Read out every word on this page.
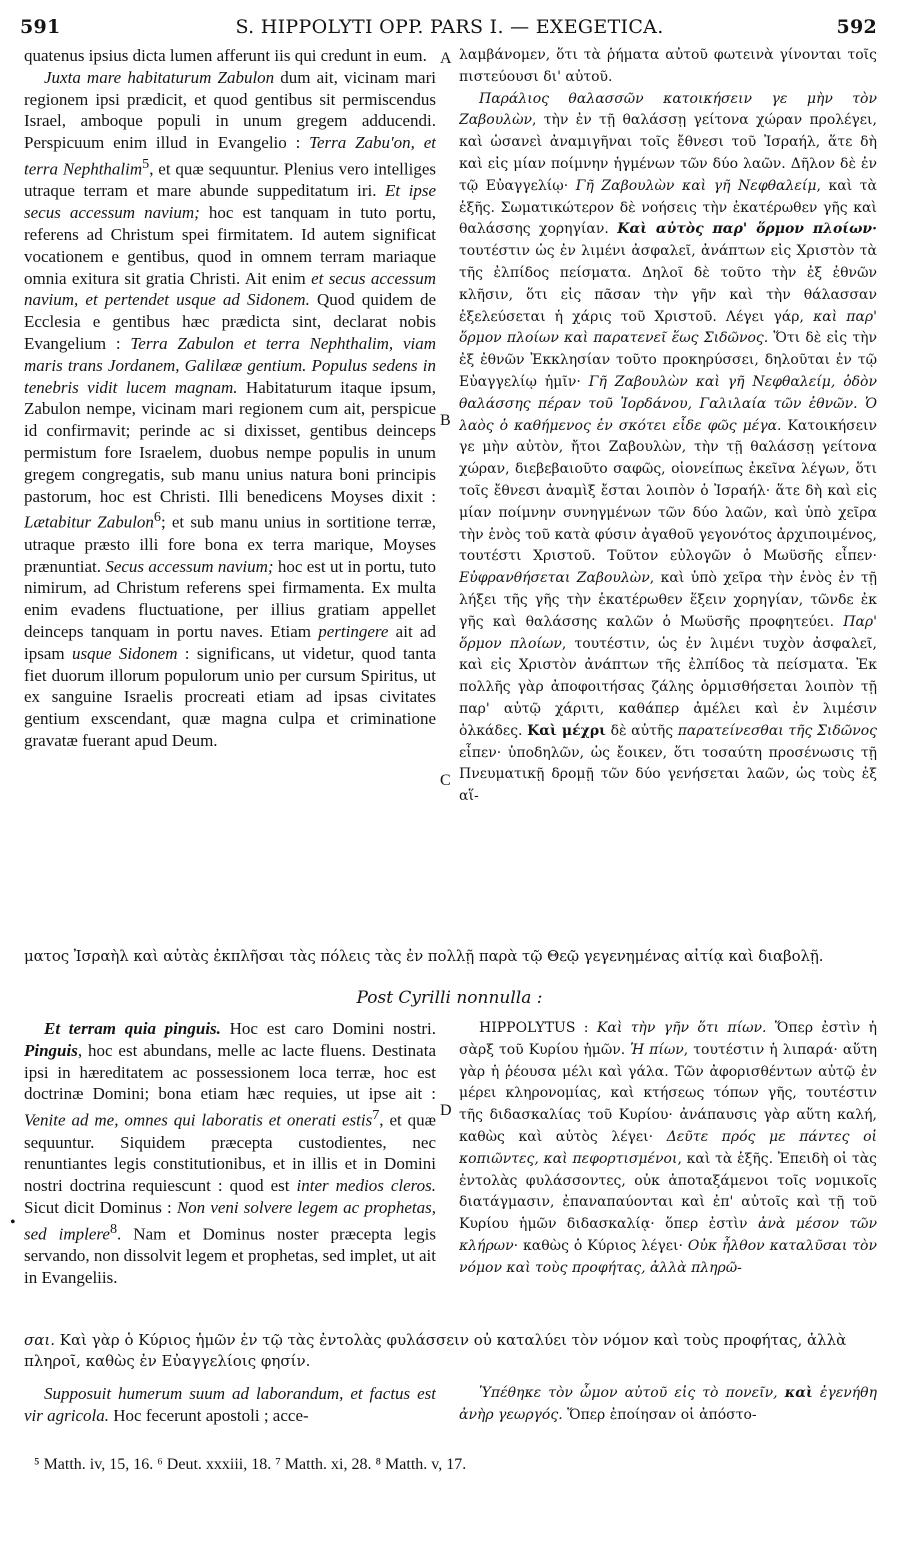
591	S. HIPPOLYTI OPP. PARS I. — EXEGETICA.	592

quatenus ipsius dicta lumen afferunt iis qui credunt in eum.

Juxta mare habitaturum Zabulon dum ait, vicinam mari regionem ipsi prædicit, et quod gentibus sit permiscendus Israel, amboque populi in unum gregem adducendi. Perspicuum enim illud in Evangelio : Terra Zabu'on, et terra Nephthalim$^5$, et quæ sequuntur. Plenius vero intelliges utraque terram et mare abunde suppeditatum iri. Et ipse secus accessum navium; hoc est tanquam in tuto portu, referens ad Christum spei firmitatem. Id autem significat vocationem e gentibus, quod in omnem terram mariaque omnia exitura sit gratia Christi. Ait enim et secus accessum navium, et pertendet usque ad Sidonem. Quod quidem de Ecclesia e gentibus hæc prædicta sint, declarat nobis Evangelium : Terra Zabulon et terra Nephthalim, viam maris trans Jordanem, Galilææ gentium. Populus sedens in tenebris vidit lucem magnam. Habitaturum itaque ipsum, Zabulon nempe, vicinam mari regionem cum ait, perspicue id confirmavit; perinde ac si dixisset, gentibus deinceps permistum fore Israelem, duobus nempe populis in unum gregem congregatis, sub manu unius natura boni principis pastorum, hoc est Christi. Illi benedicens Moyses dixit : Lætabitur Zabulon$^6$; et sub manu unius in sortitione terræ, utraque præsto illi fore bona ex terra marique, Moyses prænuntiat. Secus accessum navium; hoc est ut in portu, tuto nimirum, ad Christum referens spei firmamenta. Ex multa enim evadens fluctuatione, per illius gratiam appellet deinceps tanquam in portu naves. Etiam pertingere ait ad ipsam usque Sidonem : significans, ut videtur, quod tanta fiet duorum illorum populorum unio per cursum Spiritus, ut ex sanguine Israelis procreati etiam ad ipsas civitates gentium exscendant, quæ magna culpa et criminatione gravatæ fuerant apud Deum.

A
B
C

λαμβάνομεν, ὅτι τὰ ῥήματα αὐτοῦ φωτεινὰ γίνονται τοῖς πιστεύουσι δι' αὐτοῦ.

Παράλιος θαλασσῶν κατοικήσειν γε μὴν τὸν Ζαβουλὼν, τὴν ἐν τῇ θαλάσσῃ γείτονα χώραν προλέγει, καὶ ὡσανεὶ ἀναμιγῆναι τοῖς ἔθνεσι τοῦ Ἰσραήλ, ἅτε δὴ καὶ εἰς μίαν ποίμνην ἡγμένων τῶν δύο λαῶν. Δῆλον δὲ ἐν τῷ Εὐαγγελίῳ· Γῆ Ζαβουλὼν καὶ γῆ Νεφθαλείμ, καὶ τὰ ἑξῆς. Σωματικώτερον δὲ νοήσεις τὴν ἑκατέρωθεν γῆς καὶ θαλάσσης χορηγίαν. Καὶ αὐτὸς παρ' ὅρμον πλοίων· τουτέστιν ὡς ἐν λιμένι ἀσφαλεῖ, ἀνάπτων εἰς Χριστὸν τὰ τῆς ἐλπίδος πείσματα. Δηλοῖ δὲ τοῦτο τὴν ἐξ ἐθνῶν κλῆσιν, ὅτι εἰς πᾶσαν τὴν γῆν καὶ τὴν θάλασσαν ἐξελεύσεται ἡ χάρις τοῦ Χριστοῦ. Λέγει γάρ, καὶ παρ' ὅρμον πλοίων καὶ παρατενεῖ ἕως Σιδῶνος. Ὅτι δὲ εἰς τὴν ἐξ ἐθνῶν Ἐκκλησίαν τοῦτο προκηρύσσει, δηλοῦται ἐν τῷ Εὐαγγελίῳ ἡμῖν· Γῆ Ζαβουλὼν καὶ γῆ Νεφθαλείμ, ὁδὸν θαλάσσης πέραν τοῦ Ἰορδάνου, Γαλιλαία τῶν ἐθνῶν. Ὁ λαὸς ὁ καθήμενος ἐν σκότει εἶδε φῶς μέγα. Κατοικήσειν γε μὴν αὐτὸν, ἤτοι Ζαβουλὼν, τὴν τῇ θαλάσσῃ γείτονα χώραν, διεβεβαιοῦτο σαφῶς, οἱονείπως ἐκεῖνα λέγων, ὅτι τοῖς ἔθνεσι ἀναμὶξ ἔσται λοιπὸν ὁ Ἰσραήλ· ἅτε δὴ καὶ εἰς μίαν ποίμνην συνηγμένων τῶν δύο λαῶν, καὶ ὑπὸ χεῖρα τὴν ἑνὸς τοῦ κατὰ φύσιν ἀγαθοῦ γεγονότος ἀρχιποιμένος, τουτέστι Χριστοῦ. Τοῦτον εὐλογῶν ὁ Μωϋσῆς εἶπεν· Εὐφρανθήσεται Ζαβουλὼν, καὶ ὑπὸ χεῖρα τὴν ἑνὸς ἐν τῇ λήξει τῆς γῆς τὴν ἑκατέρωθεν ἕξειν χορηγίαν, τῶνδε ἐκ γῆς καὶ θαλάσσης καλῶν ὁ Μωϋσῆς προφητεύει. Παρ' ὅρμον πλοίων, τουτέστιν, ὡς ἐν λιμένι τυχὸν ἀσφαλεῖ, καὶ εἰς Χριστὸν ἀνάπτων τῆς ἐλπίδος τὰ πείσματα. Ἐκ πολλῆς γὰρ ἀποφοιτήσας ζάλης ὁρμισθήσεται λοιπὸν τῇ παρ' αὐτῷ χάριτι, καθάπερ ἀμέλει καὶ ἐν λιμέσιν ὁλκάδες. Καὶ μέχρι δὲ αὐτῆς παρατείνεσθαι τῆς Σιδῶνος εἶπεν· ὑποδηλῶν, ὡς ἔοικεν, ὅτι τοσαύτη προσένωσις τῇ Πνευματικῇ δρομῇ τῶν δύο γενήσεται λαῶν, ὡς τοὺς ἐξ αἵ-

ματος Ἰσραὴλ καὶ αὐτὰς ἐκπλῆσαι τὰς πόλεις τὰς ἐν πολλῇ παρὰ τῷ Θεῷ γεγενημένας αἰτίᾳ καὶ διαβολῇ.
Post Cyrilli nonnulla :

Et terram quia pinguis. Hoc est caro Domini nostri. Pinguis, hoc est abundans, melle ac lacte fluens. Destinata ipsi in hæreditatem ac possessionem loca terræ, hoc est doctrinæ Domini; bona etiam hæc requies, ut ipse ait : Venite ad me, omnes qui laboratis et onerati estis$^7$, et quæ sequuntur. Siquidem præcepta custodientes, nec renuntiantes legis constitutionibus, et in illis et in Domini nostri doctrina requiescunt : quod est inter medios cleros. Sicut dicit Dominus : Non veni solvere legem ac prophetas, sed implere$^8$. Nam et Dominus noster præcepta legis servando, non dissolvit legem et prophetas, sed implet, ut ait in Evangeliis.

D
•

HIPPOLYTUS : Καὶ τὴν γῆν ὅτι πίων. Ὅπερ ἐστὶν ἡ σὰρξ τοῦ Κυρίου ἡμῶν. Ἡ πίων, τουτέστιν ἡ λιπαρά· αὕτη γὰρ ἡ ῥέουσα μέλι καὶ γάλα. Τῶν ἀφορισθέντων αὐτῷ ἐν μέρει κληρονομίας, καὶ κτήσεως τόπων γῆς, τουτέστιν τῆς διδασκαλίας τοῦ Κυρίου· ἀνάπαυσις γὰρ αὕτη καλή, καθὼς καὶ αὐτὸς λέγει· Δεῦτε πρός με πάντες οἱ κοπιῶντες, καὶ πεφορτισμένοι, καὶ τὰ ἑξῆς. Ἐπειδὴ οἱ τὰς ἐντολὰς φυλάσσοντες, οὐκ ἀποταξάμενοι τοῖς νομικοῖς διατάγμασιν, ἐπαναπαύονται καὶ ἐπ' αὐτοῖς καὶ τῇ τοῦ Κυρίου ἡμῶν διδασκαλίᾳ· ὅπερ ἐστὶν ἀνὰ μέσον τῶν κλήρων· καθὼς ὁ Κύριος λέγει· Οὐκ ἦλθον καταλῦσαι τὸν νόμον καὶ τοὺς προφήτας, ἀλλὰ πληρῶ-

σαι. Καὶ γὰρ ὁ Κύριος ἡμῶν ἐν τῷ τὰς ἐντολὰς φυλάσσειν οὐ καταλύει τὸν νόμον καὶ τοὺς προφήτας, ἀλλὰ πληροῖ, καθὼς ἐν Εὐαγγελίοις φησίν.

Supposuit humerum suum ad laborandum, et factus est vir agricola. Hoc fecerunt apostoli ; acce-

Ὑπέθηκε τὸν ὦμον αὐτοῦ εἰς τὸ πονεῖν, καὶ ἐγενήθη ἀνὴρ γεωργός. Ὅπερ ἐποίησαν οἱ ἀπόστο-

⁵ Matth. iv, 15, 16. ⁶ Deut. xxxiii, 18. ⁷ Matth. xi, 28. ⁸ Matth. v, 17.
